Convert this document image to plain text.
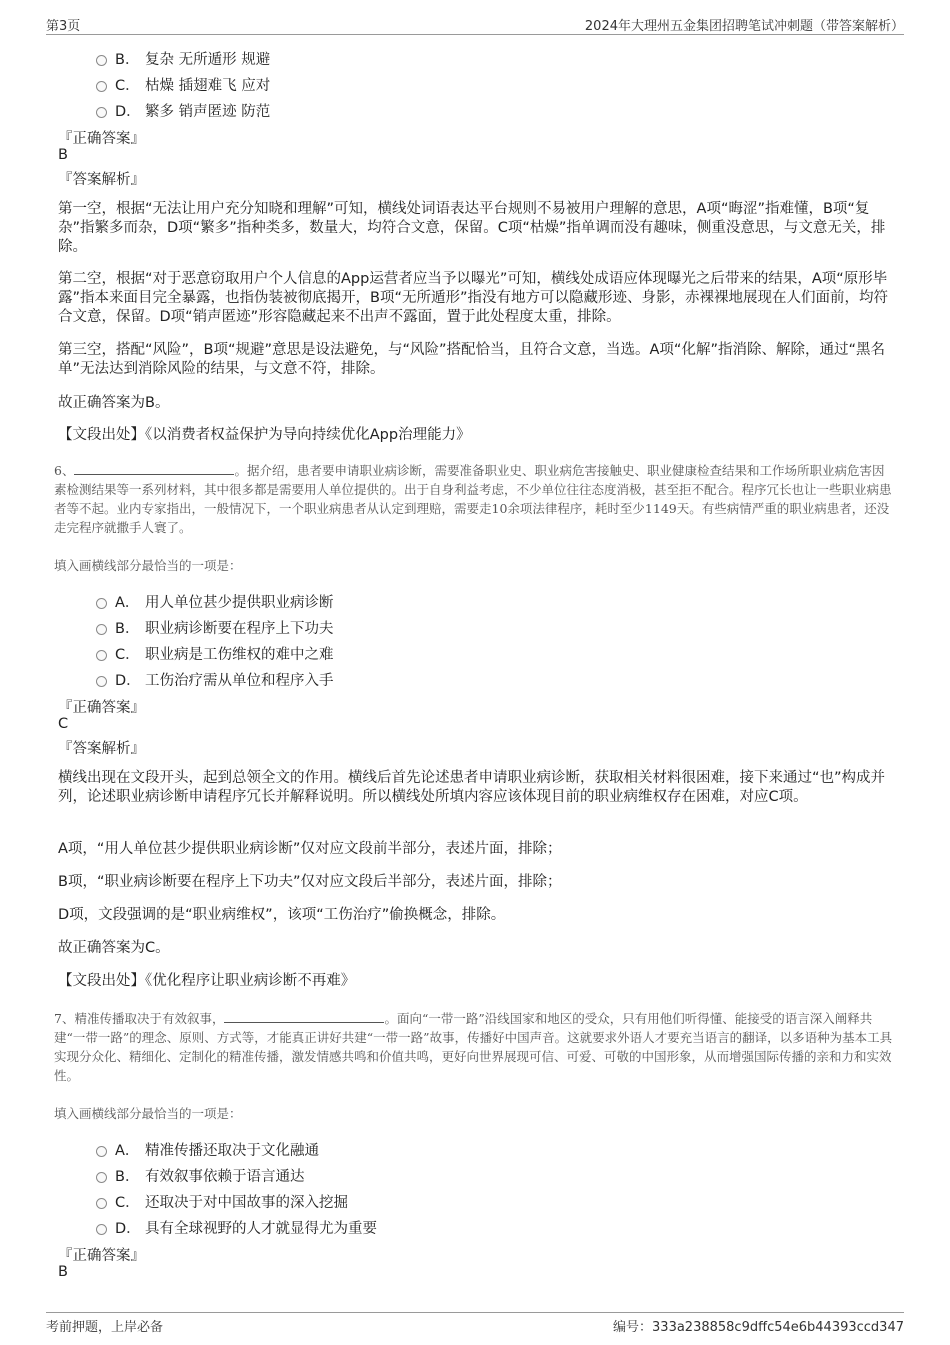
第3页	2024年大理州五金集团招聘笔试冲刺题（带答案解析）
B． 复杂 无所遁形 规避
C． 枯燥 插翅难飞 应对
D． 繁多 销声匿迹 防范
『正确答案』
B
『答案解析』
第一空，根据“无法让用户充分知晓和理解”可知，横线处词语表达平台规则不易被用户理解的意思，A项“晦涩”指难懂，B项“复杂”指繁多而杂，D项“繁多”指种类多，数量大，均符合文意，保留。C项“枯燥”指单调而没有趣味，侧重没意思，与文意无关，排除。
第二空，根据“对于恶意窃取用户个人信息的App运营者应当予以曝光”可知，横线处成语应体现曝光之后带来的结果，A项“原形毕露”指本来面目完全暴露，也指伪装被彻底揭开，B项“无所遁形”指没有地方可以隐藏形迹、身影，赤裸裸地展现在人们面前，均符合文意，保留。D项“销声匿迹”形容隐藏起来不出声不露面，置于此处程度太重，排除。
第三空，搭配“风险”，B项“规避”意思是设法避免，与“风险”搭配恰当，且符合文意，当选。A项“化解”指消除、解除，通过“黑名单”无法达到消除风险的结果，与文意不符，排除。
故正确答案为B。
【文段出处】《以消费者权益保护为导向持续优化App治理能力》
6、	。据介绍，患者要申请职业病诊断，需要准备职业史、职业病危害接触史、职业健康检查结果和工作场所职业病危害因素检测结果等一系列材料，其中很多都是需要用人单位提供的。出于自身利益考虑，不少单位往往态度消极，甚至拒不配合。程序冗长也让一些职业病患者等不起。业内专家指出，一般情况下，一个职业病患者从认定到理赔，需要走10余项法律程序，耗时至少1149天。有些病情严重的职业病患者，还没走完程序就撒手人寰了。
填入画横线部分最恰当的一项是：
A． 用人单位甚少提供职业病诊断
B． 职业病诊断要在程序上下功夫
C． 职业病是工伤维权的难中之难
D． 工伤治疗需从单位和程序入手
『正确答案』
C
『答案解析』
横线出现在文段开头，起到总领全文的作用。横线后首先论述患者申请职业病诊断，获取相关材料很困难，接下来通过“也”构成并列，论述职业病诊断申请程序冗长并解释说明。所以横线处所填内容应该体现目前的职业病维权存在困难，对应C项。
A项，“用人单位甚少提供职业病诊断”仅对应文段前半部分，表述片面，排除；
B项，“职业病诊断要在程序上下功夫”仅对应文段后半部分，表述片面，排除；
D项，文段强调的是“职业病维权”，该项“工伤治疗”偷换概念，排除。
故正确答案为C。
【文段出处】《优化程序让职业病诊断不再难》
7、精准传播取决于有效叙事，	。面向“一带一路”沿线国家和地区的受众，只有用他们听得懂、能接受的语言深入阐释共建“一带一路”的理念、原则、方式等，才能真正讲好共建“一带一路”故事，传播好中国声音。这就要求外语人才要充当语言的翻译，以多语种为基本工具实现分众化、精细化、定制化的精准传播，激发情感共鸣和价值共鸣，更好向世界展现可信、可爱、可敬的中国形象，从而增强国际传播的亲和力和实效性。
填入画横线部分最恰当的一项是：
A． 精准传播还取决于文化融通
B． 有效叙事依赖于语言通达
C． 还取决于对中国故事的深入挖掘
D． 具有全球视野的人才就显得尤为重要
『正确答案』
B
考前押题，上岸必备	编号：333a238858c9dffc54e6b44393ccd347
